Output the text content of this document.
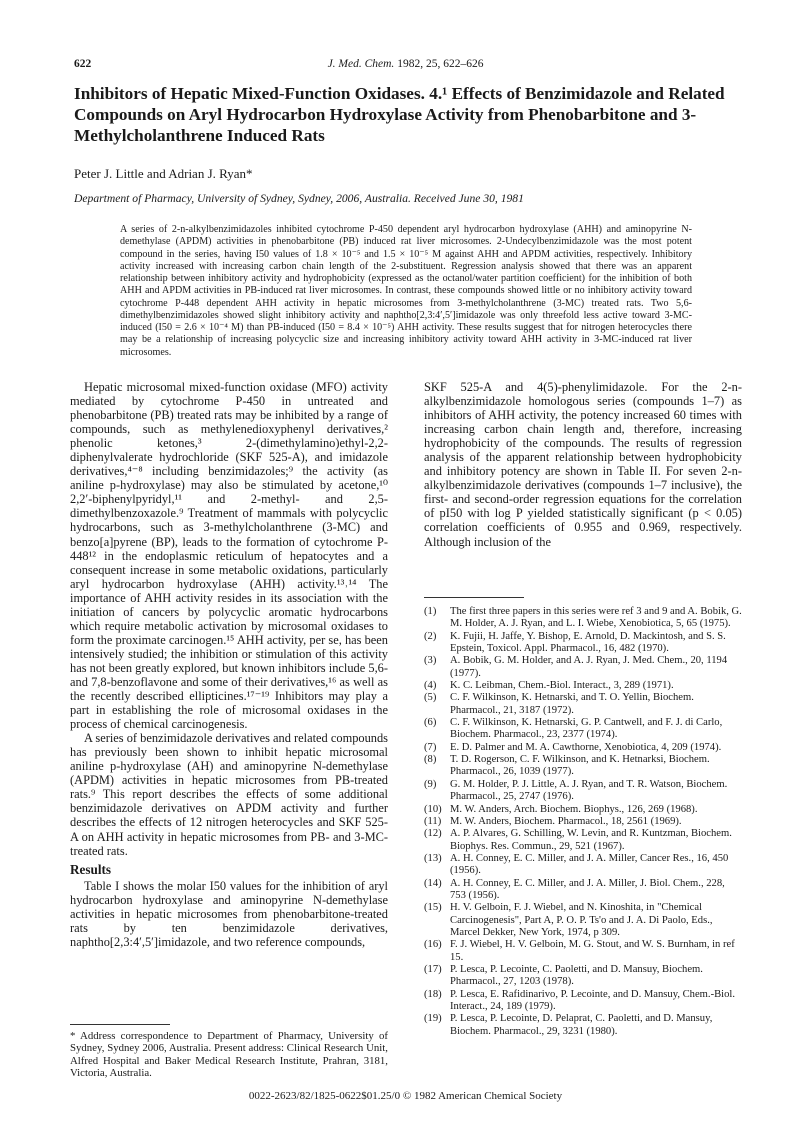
622	J. Med. Chem. 1982, 25, 622–626
Inhibitors of Hepatic Mixed-Function Oxidases. 4.¹ Effects of Benzimidazole and Related Compounds on Aryl Hydrocarbon Hydroxylase Activity from Phenobarbitone and 3-Methylcholanthrene Induced Rats
Peter J. Little and Adrian J. Ryan*
Department of Pharmacy, University of Sydney, Sydney, 2006, Australia. Received June 30, 1981

A series of 2-n-alkylbenzimidazoles inhibited cytochrome P-450 dependent aryl hydrocarbon hydroxylase (AHH) and aminopyrine N-demethylase (APDM) activities in phenobarbitone (PB) induced rat liver microsomes. 2-Undecylbenzimidazole was the most potent compound in the series, having I50 values of 1.8 × 10⁻⁵ and 1.5 × 10⁻⁵ M against AHH and APDM activities, respectively. Inhibitory activity increased with increasing carbon chain length of the 2-substituent. Regression analysis showed that there was an apparent relationship between inhibitory activity and hydrophobicity (expressed as the octanol/water partition coefficient) for the inhibition of both AHH and APDM activities in PB-induced rat liver microsomes. In contrast, these compounds showed little or no inhibitory activity toward cytochrome P-448 dependent AHH activity in hepatic microsomes from 3-methylcholanthrene (3-MC) treated rats. Two 5,6-dimethylbenzimidazoles showed slight inhibitory activity and naphtho[2,3:4′,5′]imidazole was only threefold less active toward 3-MC-induced (I50 = 2.6 × 10⁻⁴ M) than PB-induced (I50 = 8.4 × 10⁻⁵) AHH activity. These results suggest that for nitrogen heterocycles there may be a relationship of increasing polycyclic size and increasing inhibitory activity toward AHH activity in 3-MC-induced rat liver microsomes.

Hepatic microsomal mixed-function oxidase (MFO) activity mediated by cytochrome P-450 in untreated and phenobarbitone (PB) treated rats may be inhibited by a range of compounds, such as methylenedioxyphenyl derivatives,² phenolic ketones,³ 2-(dimethylamino)ethyl-2,2-diphenylvalerate hydrochloride (SKF 525-A), and imidazole derivatives,⁴⁻⁸ including benzimidazoles;⁹ the activity (as aniline p-hydroxylase) may also be stimulated by acetone,¹⁰ 2,2′-biphenylpyridyl,¹¹ and 2-methyl- and 2,5-dimethylbenzoxazole.⁹ Treatment of mammals with polycyclic hydrocarbons, such as 3-methylcholanthrene (3-MC) and benzo[a]pyrene (BP), leads to the formation of cytochrome P-448¹² in the endoplasmic reticulum of hepatocytes and a consequent increase in some metabolic oxidations, particularly aryl hydrocarbon hydroxylase (AHH) activity.¹³˒¹⁴ The importance of AHH activity resides in its association with the initiation of cancers by polycyclic aromatic hydrocarbons which require metabolic activation by microsomal oxidases to form the proximate carcinogen.¹⁵ AHH activity, per se, has been intensively studied; the inhibition or stimulation of this activity has not been greatly explored, but known inhibitors include 5,6- and 7,8-benzoflavone and some of their derivatives,¹⁶ as well as the recently described ellipticines.¹⁷⁻¹⁹ Inhibitors may play a part in establishing the role of microsomal oxidases in the process of chemical carcinogenesis.

A series of benzimidazole derivatives and related compounds has previously been shown to inhibit hepatic microsomal aniline p-hydroxylase (AH) and aminopyrine N-demethylase (APDM) activities in hepatic microsomes from PB-treated rats.⁹ This report describes the effects of some additional benzimidazole derivatives on APDM activity and further describes the effects of 12 nitrogen heterocycles and SKF 525-A on AHH activity in hepatic microsomes from PB- and 3-MC-treated rats.

Results

Table I shows the molar I50 values for the inhibition of aryl hydrocarbon hydroxylase and aminopyrine N-demethylase activities in hepatic microsomes from phenobarbitone-treated rats by ten benzimidazole derivatives, naphtho[2,3:4′,5′]imidazole, and two reference compounds,

SKF 525-A and 4(5)-phenylimidazole. For the 2-n-alkylbenzimidazole homologous series (compounds 1–7) as inhibitors of AHH activity, the potency increased 60 times with increasing carbon chain length and, therefore, increasing hydrophobicity of the compounds. The results of regression analysis of the apparent relationship between hydrophobicity and inhibitory potency are shown in Table II. For seven 2-n-alkylbenzimidazole derivatives (compounds 1–7 inclusive), the first- and second-order regression equations for the correlation of pI50 with log P yielded statistically significant (p < 0.05) correlation coefficients of 0.955 and 0.969, respectively. Although inclusion of the

(1) The first three papers in this series were ref 3 and 9 and A. Bobik, G. M. Holder, A. J. Ryan, and L. I. Wiebe, Xenobiotica, 5, 65 (1975).
(2) K. Fujii, H. Jaffe, Y. Bishop, E. Arnold, D. Mackintosh, and S. S. Epstein, Toxicol. Appl. Pharmacol., 16, 482 (1970).
(3) A. Bobik, G. M. Holder, and A. J. Ryan, J. Med. Chem., 20, 1194 (1977).
(4) K. C. Leibman, Chem.-Biol. Interact., 3, 289 (1971).
(5) C. F. Wilkinson, K. Hetnarski, and T. O. Yellin, Biochem. Pharmacol., 21, 3187 (1972).
(6) C. F. Wilkinson, K. Hetnarski, G. P. Cantwell, and F. J. di Carlo, Biochem. Pharmacol., 23, 2377 (1974).
(7) E. D. Palmer and M. A. Cawthorne, Xenobiotica, 4, 209 (1974).
(8) T. D. Rogerson, C. F. Wilkinson, and K. Hetnarksi, Biochem. Pharmacol., 26, 1039 (1977).
(9) G. M. Holder, P. J. Little, A. J. Ryan, and T. R. Watson, Biochem. Pharmacol., 25, 2747 (1976).
(10) M. W. Anders, Arch. Biochem. Biophys., 126, 269 (1968).
(11) M. W. Anders, Biochem. Pharmacol., 18, 2561 (1969).
(12) A. P. Alvares, G. Schilling, W. Levin, and R. Kuntzman, Biochem. Biophys. Res. Commun., 29, 521 (1967).
(13) A. H. Conney, E. C. Miller, and J. A. Miller, Cancer Res., 16, 450 (1956).
(14) A. H. Conney, E. C. Miller, and J. A. Miller, J. Biol. Chem., 228, 753 (1956).
(15) H. V. Gelboin, F. J. Wiebel, and N. Kinoshita, in "Chemical Carcinogenesis", Part A, P. O. P. Ts'o and J. A. Di Paolo, Eds., Marcel Dekker, New York, 1974, p 309.
(16) F. J. Wiebel, H. V. Gelboin, M. G. Stout, and W. S. Burnham, in ref 15.
(17) P. Lesca, P. Lecointe, C. Paoletti, and D. Mansuy, Biochem. Pharmacol., 27, 1203 (1978).
(18) P. Lesca, E. Rafidinarivo, P. Lecointe, and D. Mansuy, Chem.-Biol. Interact., 24, 189 (1979).
(19) P. Lesca, P. Lecointe, D. Pelaprat, C. Paoletti, and D. Mansuy, Biochem. Pharmacol., 29, 3231 (1980).

* Address correspondence to Department of Pharmacy, University of Sydney, Sydney 2006, Australia. Present address: Clinical Research Unit, Alfred Hospital and Baker Medical Research Institute, Prahran, 3181, Victoria, Australia.

0022-2623/82/1825-0622$01.25/0 © 1982 American Chemical Society
